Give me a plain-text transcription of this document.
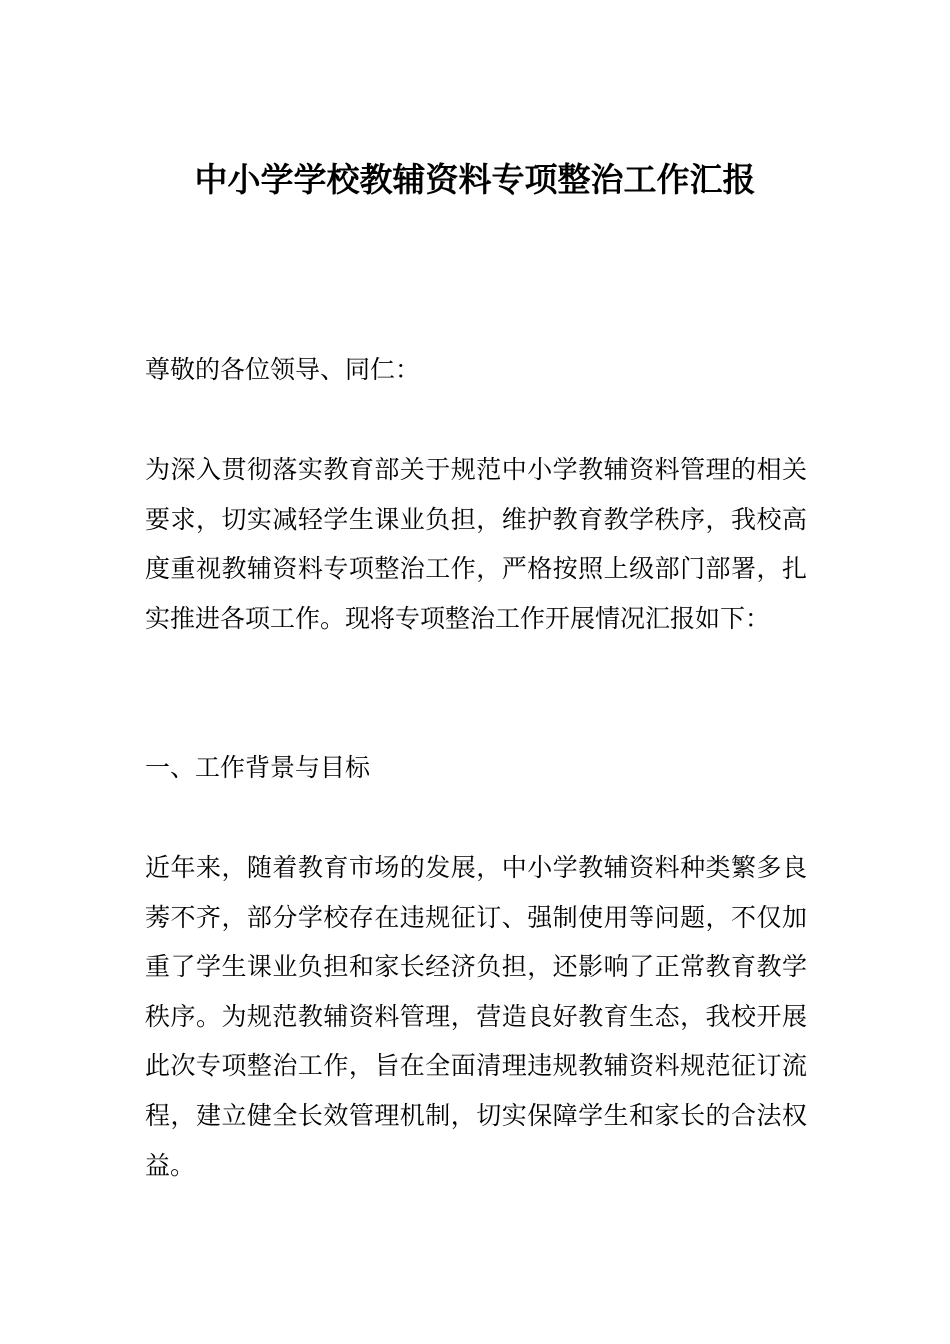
中小学学校教辅资料专项整治工作汇报

尊敬的各位领导、同仁：

为深入贯彻落实教育部关于规范中小学教辅资料管理的相关要求，切实减轻学生课业负担，维护教育教学秩序，我校高度重视教辅资料专项整治工作，严格按照上级部门部署，扎实推进各项工作。现将专项整治工作开展情况汇报如下：

一、工作背景与目标

近年来，随着教育市场的发展，中小学教辅资料种类繁多良莠不齐，部分学校存在违规征订、强制使用等问题，不仅加重了学生课业负担和家长经济负担，还影响了正常教育教学秩序。为规范教辅资料管理，营造良好教育生态，我校开展此次专项整治工作，旨在全面清理违规教辅资料规范征订流程，建立健全长效管理机制，切实保障学生和家长的合法权益。
